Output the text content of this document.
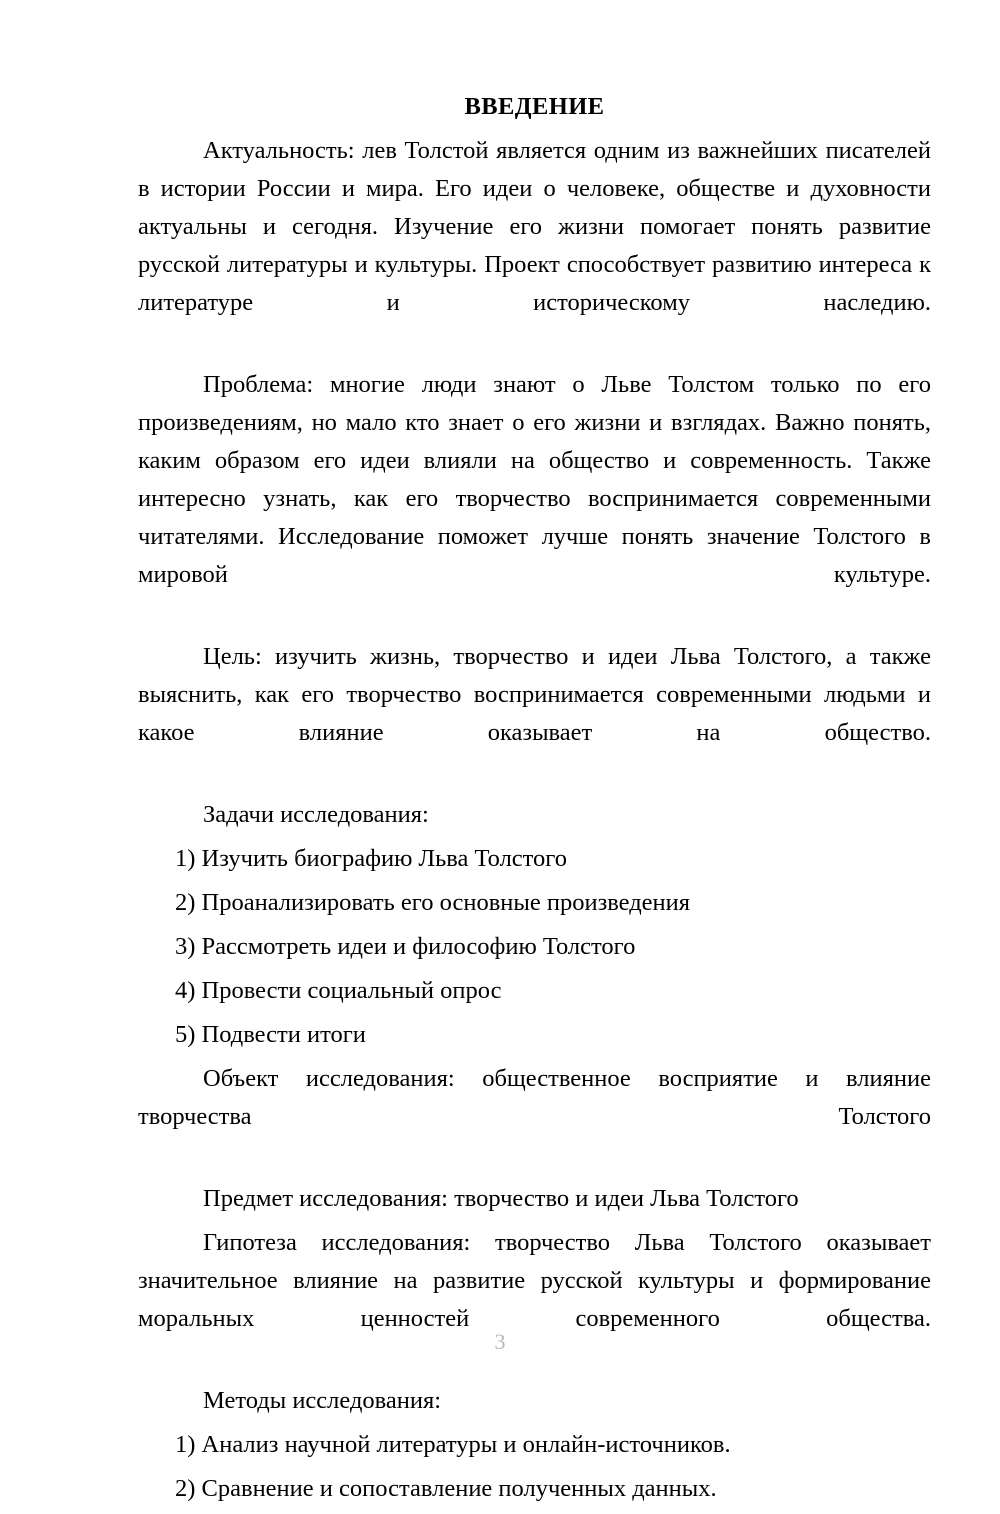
ВВЕДЕНИЕ

Актуальность: лев Толстой является одним из важнейших писателей в истории России и мира. Его идеи о человеке, обществе и духовности актуальны и сегодня. Изучение его жизни помогает понять развитие русской литературы и культуры. Проект способствует развитию интереса к литературе и историческому наследию.

Проблема: многие люди знают о Льве Толстом только по его произведениям, но мало кто знает о его жизни и взглядах. Важно понять, каким образом его идеи влияли на общество и современность. Также интересно узнать, как его творчество воспринимается современными читателями. Исследование поможет лучше понять значение Толстого в мировой культуре.

Цель: изучить жизнь, творчество и идеи Льва Толстого, а также выяснить, как его творчество воспринимается современными людьми и какое влияние оказывает на общество.

Задачи исследования:

1) Изучить биографию Льва Толстого
2) Проанализировать его основные произведения
3) Рассмотреть идеи и философию Толстого
4) Провести социальный опрос
5) Подвести итоги

Объект исследования: общественное восприятие и влияние творчества Толстого

Предмет исследования: творчество и идеи Льва Толстого

Гипотеза исследования: творчество Льва Толстого оказывает значительное влияние на развитие русской культуры и формирование моральных ценностей современного общества.

Методы исследования:

1) Анализ научной литературы и онлайн-источников.
2) Сравнение и сопоставление полученных данных.
3
